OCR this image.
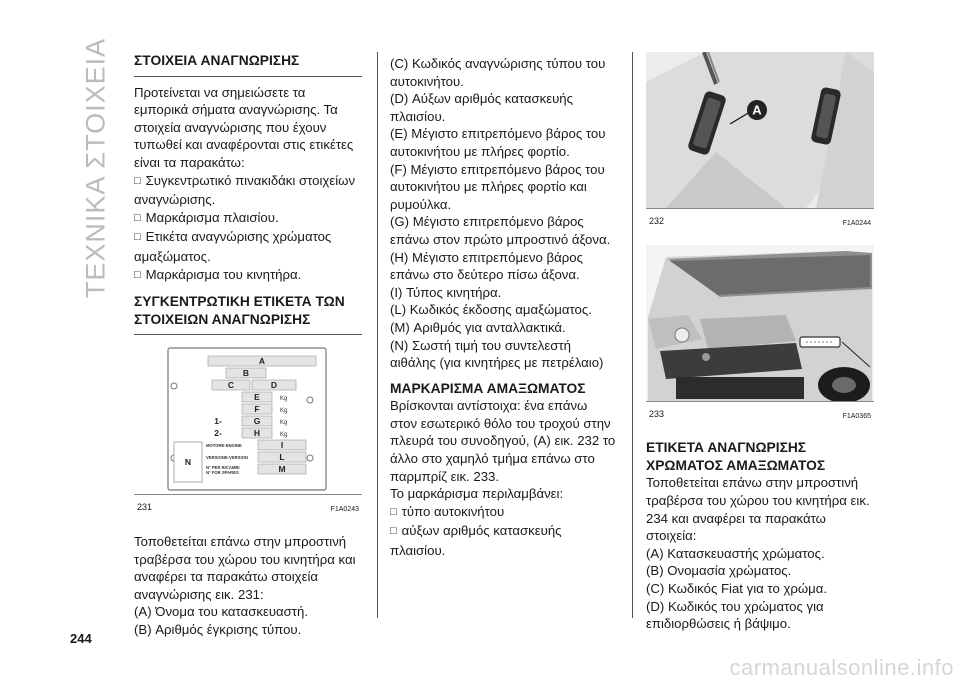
ΤΕΧΝΙΚΑ ΣΤΟΙΧΕΙΑ
244
carmanualsonline.info
ΣΤΟΙΧΕΙΑ ΑΝΑΓΝΩΡΙΣΗΣ

Προτείνεται να σημειώσετε τα εμπορικά σήματα αναγνώρισης. Τα στοιχεία αναγνώρισης που έχουν τυπωθεί και αναφέρονται στις ετικέτες είναι τα παρακάτω:

□ Συγκεντρωτικό πινακιδάκι στοιχείων αναγνώρισης.

□ Μαρκάρισμα πλαισίου.

□ Ετικέτα αναγνώρισης χρώματος αμαξώματος.

□ Μαρκάρισμα του κινητήρα.

ΣΥΓΚΕΝΤΡΩΤΙΚΗ ΕΤΙΚΕΤΑ ΤΩΝ ΣΤΟΙΧΕΙΩΝ ΑΝΑΓΝΩΡΙΣΗΣ
A
B
C	D
E
F
G
H
I
L
M
N
1-
2-
Kg
Kg
Kg
Kg
MOTORE-ENGINE
VERSIONE-VERSION
N° PER RICAMBI
N° FOR SPARES
231	F1A0243

Τοποθετείται επάνω στην μπροστινή τραβέρσα του χώρου του κινητήρα και αναφέρει τα παρακάτω στοιχεία αναγνώρισης εικ. 231:

(A) Όνομα του κατασκευαστή.

(B) Αριθμός έγκρισης τύπου.

(C) Κωδικός αναγνώρισης τύπου του αυτοκινήτου.

(D) Αύξων αριθμός κατασκευής πλαισίου.

(E) Μέγιστο επιτρεπόμενο βάρος του αυτοκινήτου με πλήρες φορτίο.

(F) Μέγιστο επιτρεπόμενο βάρος του αυτοκινήτου με πλήρες φορτίο και ρυμούλκα.

(G) Μέγιστο επιτρεπόμενο βάρος επάνω στον πρώτο μπροστινό άξονα.

(H) Μέγιστο επιτρεπόμενο βάρος επάνω στο δεύτερο πίσω άξονα.

(I) Τύπος κινητήρα.

(L) Κωδικός έκδοσης αμαξώματος.

(M) Αριθμός για ανταλλακτικά.

(N) Σωστή τιμή του συντελεστή αιθάλης (για κινητήρες με πετρέλαιο)

ΜΑΡΚΑΡΙΣΜΑ ΑΜΑΞΩΜΑΤΟΣ

Βρίσκονται αντίστοιχα: ένα επάνω στον εσωτερικό θόλο του τροχού στην πλευρά του συνοδηγού, (A) εικ. 232 το άλλο στο χαμηλό τμήμα επάνω στο παρμπρίζ εικ. 233.

Το μαρκάρισμα περιλαμβάνει:

□ τύπο αυτοκινήτου

□ αύξων αριθμός κατασκευής πλαισίου.

A
232	F1A0244
233	F1A0365
ΕΤΙΚΕΤΑ ΑΝΑΓΝΩΡΙΣΗΣ ΧΡΩΜΑΤΟΣ ΑΜΑΞΩΜΑΤΟΣ

Τοποθετείται επάνω στην μπροστινή τραβέρσα του χώρου του κινητήρα εικ. 234 και αναφέρει τα παρακάτω στοιχεία:

(A) Κατασκευαστής χρώματος.

(B) Ονομασία χρώματος.

(C) Κωδικός Fiat για το χρώμα.

(D) Κωδικός του χρώματος για επιδιορθώσεις ή βάψιμο.
